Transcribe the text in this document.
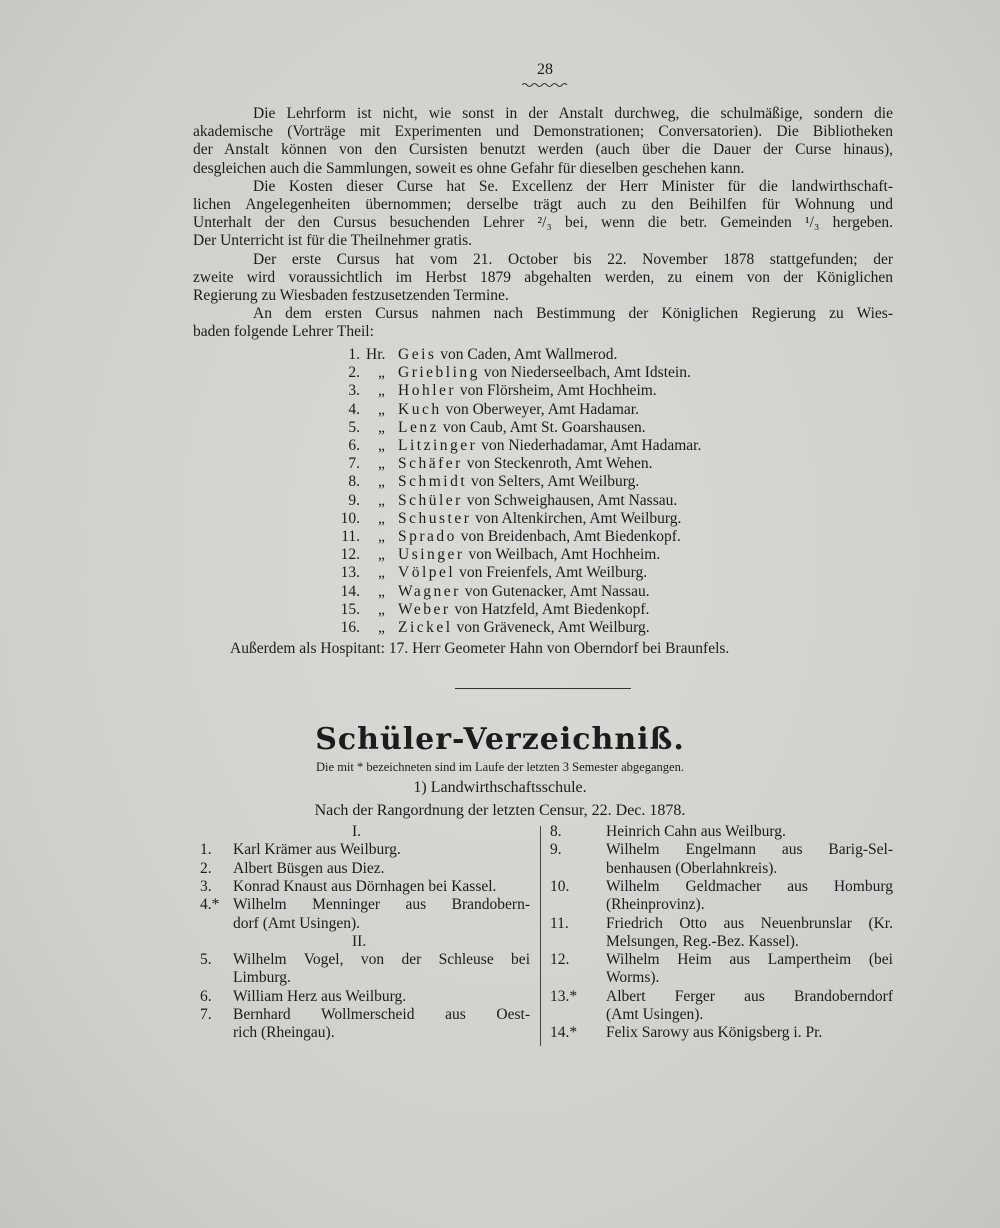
28
Die Lehrform ist nicht, wie sonst in der Anstalt durchweg, die schulmäßige, sondern die
akademische (Vorträge mit Experimenten und Demonstrationen; Conversatorien). Die Bibliotheken
der Anstalt können von den Cursisten benutzt werden (auch über die Dauer der Curse hinaus),
desgleichen auch die Sammlungen, soweit es ohne Gefahr für dieselben geschehen kann.
Die Kosten dieser Curse hat Se. Excellenz der Herr Minister für die landwirthschaft-
lichen Angelegenheiten übernommen; derselbe trägt auch zu den Beihilfen für Wohnung und
Unterhalt der den Cursus besuchenden Lehrer ²/₃ bei, wenn die betr. Gemeinden ¹/₃ hergeben.
Der Unterricht ist für die Theilnehmer gratis.
Der erste Cursus hat vom 21. October bis 22. November 1878 stattgefunden; der
zweite wird voraussichtlich im Herbst 1879 abgehalten werden, zu einem von der Königlichen
Regierung zu Wiesbaden festzusetzenden Termine.
An dem ersten Cursus nahmen nach Bestimmung der Königlichen Regierung zu Wies-
baden folgende Lehrer Theil:
1. Hr. Geis von Caden, Amt Wallmerod.
2. „ Griebling von Niederseelbach, Amt Idstein.
3. „ Hohler von Flörsheim, Amt Hochheim.
4. „ Kuch von Oberweyer, Amt Hadamar.
5. „ Lenz von Caub, Amt St. Goarshausen.
6. „ Litzinger von Niederhadamar, Amt Hadamar.
7. „ Schäfer von Steckenroth, Amt Wehen.
8. „ Schmidt von Selters, Amt Weilburg.
9. „ Schüler von Schweighausen, Amt Nassau.
10. „ Schuster von Altenkirchen, Amt Weilburg.
11. „ Sprado von Breidenbach, Amt Biedenkopf.
12. „ Usinger von Weilbach, Amt Hochheim.
13. „ Völpel von Freienfels, Amt Weilburg.
14. „ Wagner von Gutenacker, Amt Nassau.
15. „ Weber von Hatzfeld, Amt Biedenkopf.
16. „ Zickel von Gräveneck, Amt Weilburg.
Außerdem als Hospitant: 17. Herr Geometer Hahn von Oberndorf bei Braunfels.
Schüler-Verzeichniß.
Die mit * bezeichneten sind im Laufe der letzten 3 Semester abgegangen.
1) Landwirthschaftsschule.
Nach der Rangordnung der letzten Censur, 22. Dec. 1878.
I.
1.	Karl Krämer aus Weilburg.
2.	Albert Büsgen aus Diez.
3.	Konrad Knaust aus Dörnhagen bei Kassel.
4.* Wilhelm Menninger aus Brandobern-
dorf (Amt Usingen).
II.
5.	Wilhelm Vogel, von der Schleuse bei
Limburg.
6.	William Herz aus Weilburg.
7.	Bernhard Wollmerscheid aus Oest-
rich (Rheingau).
8.	Heinrich Cahn aus Weilburg.
9.	Wilhelm Engelmann aus Barig-Sel-
benhausen (Oberlahnkreis).
10.	Wilhelm Geldmacher aus Homburg
(Rheinprovinz).
11.	Friedrich Otto aus Neuenbrunslar (Kr.
Melsungen, Reg.-Bez. Kassel).
12.	Wilhelm Heim aus Lampertheim (bei
Worms).
13.*	Albert Ferger aus Brandoberndorf
(Amt Usingen).
14.*	Felix Sarowy aus Königsberg i. Pr.
